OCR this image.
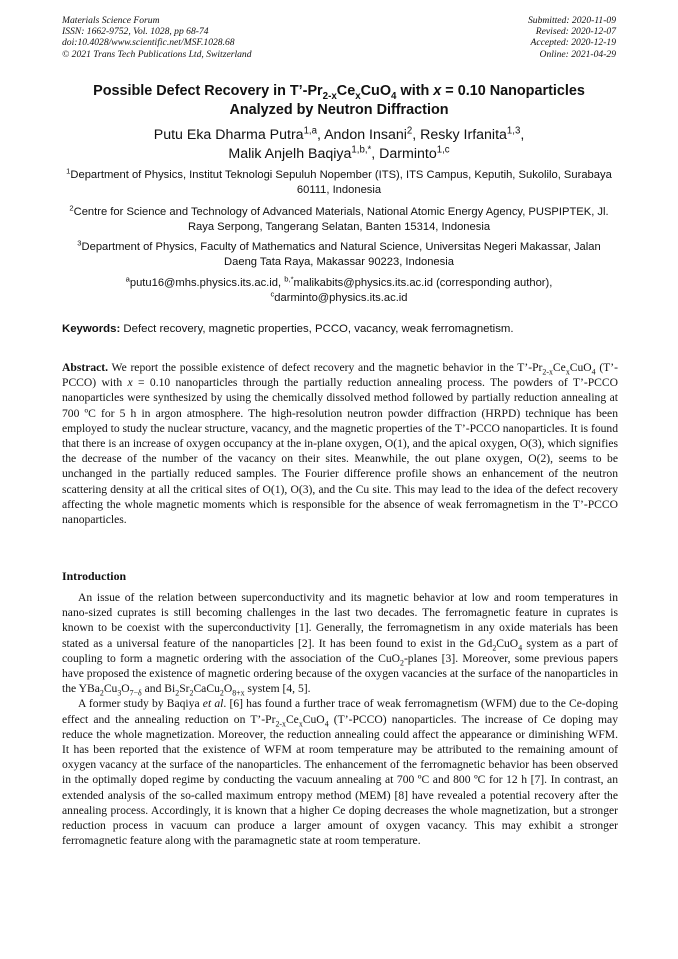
Materials Science Forum
ISSN: 1662-9752, Vol. 1028, pp 68-74
doi:10.4028/www.scientific.net/MSF.1028.68
© 2021 Trans Tech Publications Ltd, Switzerland
Submitted: 2020-11-09
Revised: 2020-12-07
Accepted: 2020-12-19
Online: 2021-04-29
Possible Defect Recovery in $T’-Pr_{2-x}Ce_xCuO_4$ with x = 0.10 Nanoparticles
Analyzed by Neutron Diffraction
Putu Eka Dharma Putra$^{1,a}$, Andon Insani$^2$, Resky Irfanita$^{1,3}$,
Malik Anjelh Baqiya$^{1,b,*}$, Darminto$^{1,c}$
$^1$Department of Physics, Institut Teknologi Sepuluh Nopember (ITS), ITS Campus, Keputih, Sukolilo, Surabaya 60111, Indonesia
$^2$Centre for Science and Technology of Advanced Materials, National Atomic Energy Agency, PUSPIPTEK, Jl. Raya Serpong, Tangerang Selatan, Banten 15314, Indonesia
$^3$Department of Physics, Faculty of Mathematics and Natural Science, Universitas Negeri Makassar, Jalan Daeng Tata Raya, Makassar 90223, Indonesia
$^a$putu16@mhs.physics.its.ac.id, $^{b,*}$malikabits@physics.its.ac.id (corresponding author),
$^c$darminto@physics.its.ac.id
Keywords: Defect recovery, magnetic properties, PCCO, vacancy, weak ferromagnetism.
Abstract. We report the possible existence of defect recovery and the magnetic behavior in the $T’-Pr_{2-x}Ce_xCuO_4$ (T’-PCCO) with x = 0.10 nanoparticles through the partially reduction annealing process. The powders of T’-PCCO nanoparticles were synthesized by using the chemically dissolved method followed by partially reduction annealing at 700 ºC for 5 h in argon atmosphere. The high-resolution neutron powder diffraction (HRPD) technique has been employed to study the nuclear structure, vacancy, and the magnetic properties of the T’-PCCO nanoparticles. It is found that there is an increase of oxygen occupancy at the in-plane oxygen, O(1), and the apical oxygen, O(3), which signifies the decrease of the number of the vacancy on their sites. Meanwhile, the out plane oxygen, O(2), seems to be unchanged in the partially reduced samples. The Fourier difference profile shows an enhancement of the neutron scattering density at all the critical sites of O(1), O(3), and the Cu site. This may lead to the idea of the defect recovery affecting the whole magnetic moments which is responsible for the absence of weak ferromagnetism in the T’-PCCO nanoparticles.
Introduction

An issue of the relation between superconductivity and its magnetic behavior at low and room temperatures in nano-sized cuprates is still becoming challenges in the last two decades. The ferromagnetic feature in cuprates is known to be coexist with the superconductivity [1]. Generally, the ferromagnetism in any oxide materials has been stated as a universal feature of the nanoparticles [2]. It has been found to exist in the $Gd_2CuO_4$ system as a part of coupling to form a magnetic ordering with the association of the CuO$_2$-planes [3]. Moreover, some previous papers have proposed the existence of magnetic ordering because of the oxygen vacancies at the surface of the nanoparticles in the $YBa_2Cu_3O_{7-\delta}$ and $Bi_2Sr_2CaCu_2O_{8+x}$ system [4, 5].

A former study by Baqiya et al. [6] has found a further trace of weak ferromagnetism (WFM) due to the Ce-doping effect and the annealing reduction on $T’-Pr_{2-x}Ce_xCuO_4$ (T’-PCCO) nanoparticles. The increase of Ce doping may reduce the whole magnetization. Moreover, the reduction annealing could affect the appearance or diminishing WFM. It has been reported that the existence of WFM at room temperature may be attributed to the remaining amount of oxygen vacancy at the surface of the nanoparticles. The enhancement of the ferromagnetic behavior has been observed in the optimally doped regime by conducting the vacuum annealing at 700 ºC and 800 ºC for 12 h [7]. In contrast, an extended analysis of the so-called maximum entropy method (MEM) [8] have revealed a potential recovery after the annealing process. Accordingly, it is known that a higher Ce doping decreases the whole magnetization, but a stronger reduction process in vacuum can produce a larger amount of oxygen vacancy. This may exhibit a stronger ferromagnetic feature along with the paramagnetic state at room temperature.
